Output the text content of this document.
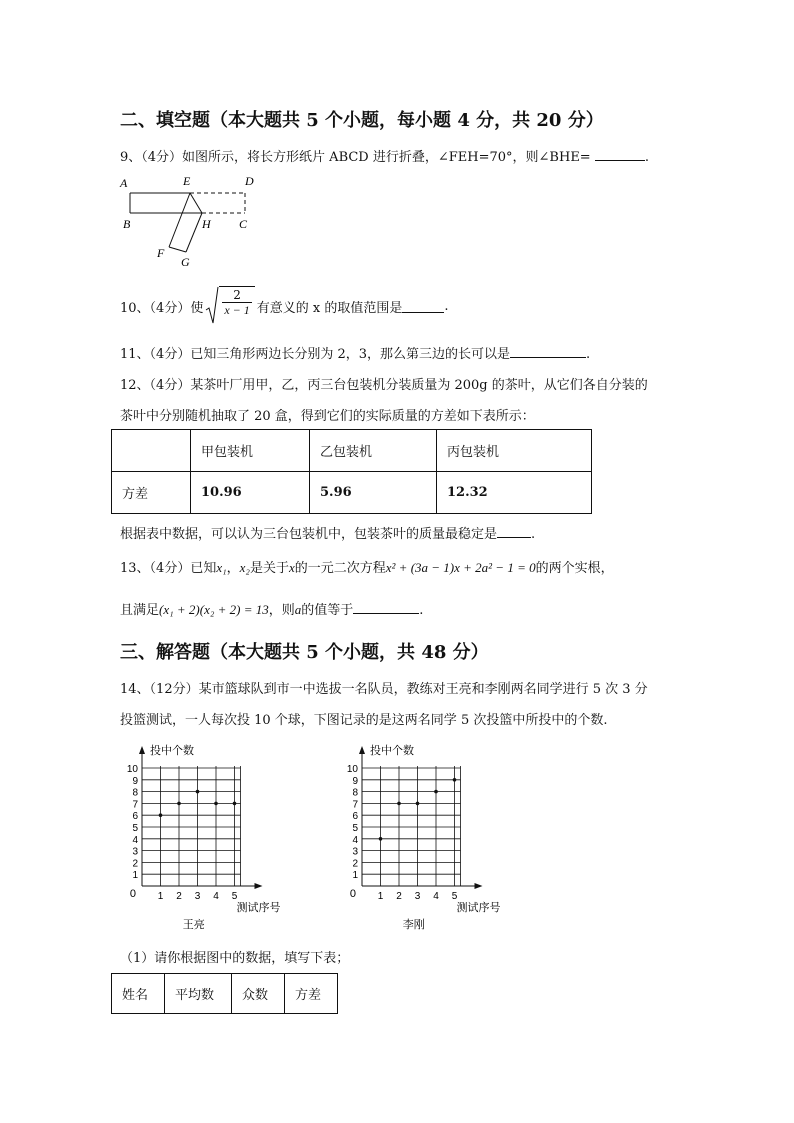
二、填空题（本大题共 5 个小题，每小题 4 分，共 20 分）
9、（4分）如图所示，将长方形纸片 ABCD 进行折叠，∠FEH=70°，则∠BHE=	.
A	E	D
B	H C
F
G
10、（4分）使 $\frac{2}{x - 1}$ 有意义的 x 的取值范围是	.
11、（4分）已知三角形两边长分别为 2，3，那么第三边的长可以是	.
12、（4分）某茶叶厂用甲，乙，丙三台包装机分装质量为 200g 的茶叶，从它们各自分装的
茶叶中分别随机抽取了 20 盒，得到它们的实际质量的方差如下表所示：
	甲包装机	乙包装机	丙包装机
方差	10.96	5.96	12.32
根据表中数据，可以认为三台包装机中，包装茶叶的质量最稳定是	.
13、（4分）已知x₁，x₂是关于x的一元二次方程x² + (3a − 1)x + 2a² − 1 = 0的两个实根，
且满足(x₁ + 2)(x₂ + 2) = 13，则a的值等于	.
三、解答题（本大题共 5 个小题，共 48 分）
14、（12分）某市篮球队到市一中选拔一名队员，教练对王亮和李刚两名同学进行 5 次 3 分
投篮测试，一人每次投 10 个球，下图记录的是这两名同学 5 次投篮中所投中的个数.
投中个数
测试序号
0
1
2
3
4
5
6
7
8
9
10
1 2 3 4 5
王亮
投中个数
测试序号
0
1
2
3
4
5
6
7
8
9
10
1 2 3 4 5
李刚
（1）请你根据图中的数据，填写下表；
姓名	平均数	众数	方差
